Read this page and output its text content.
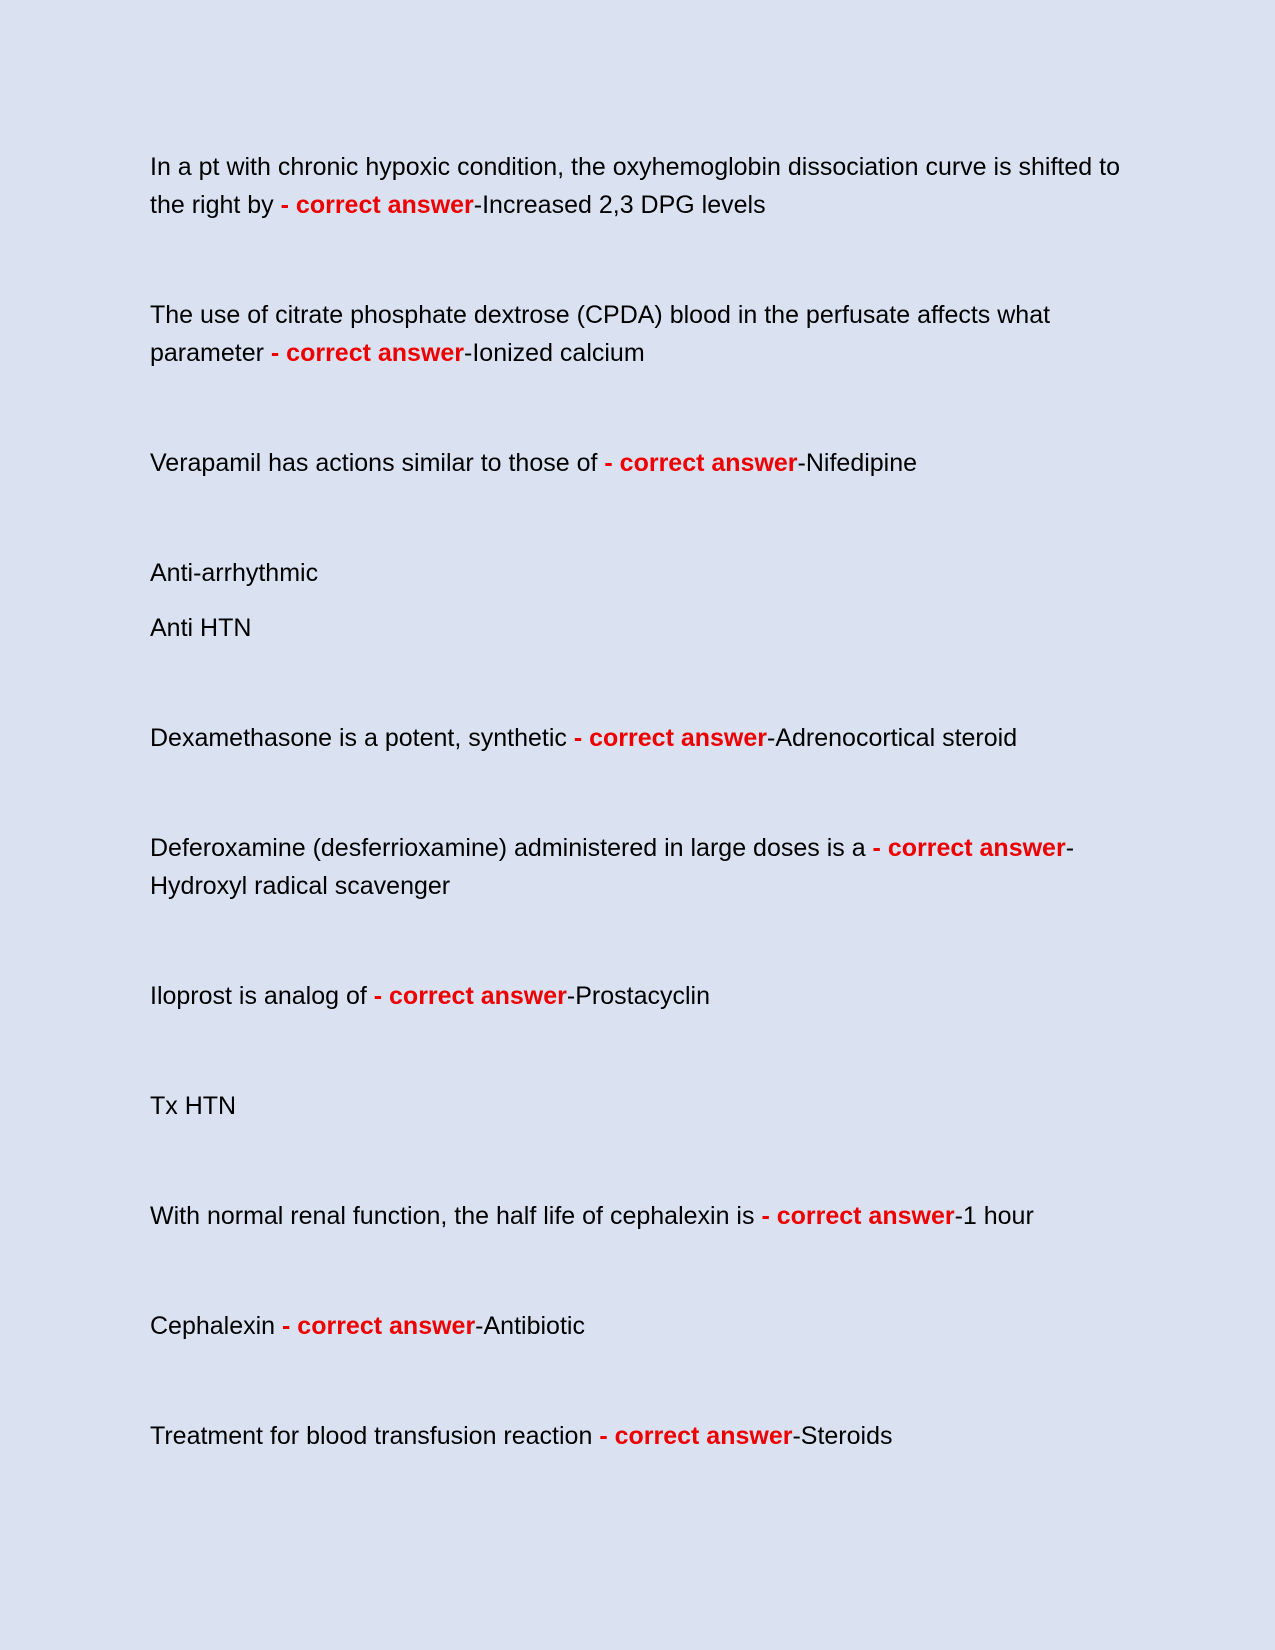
In a pt with chronic hypoxic condition, the oxyhemoglobin dissociation curve is shifted to the right by - correct answer-Increased 2,3 DPG levels

The use of citrate phosphate dextrose (CPDA) blood in the perfusate affects what parameter - correct answer-Ionized calcium

Verapamil has actions similar to those of - correct answer-Nifedipine

Anti-arrhythmic

Anti HTN

Dexamethasone is a potent, synthetic - correct answer-Adrenocortical steroid

Deferoxamine (desferrioxamine) administered in large doses is a - correct answer-Hydroxyl radical scavenger

Iloprost is analog of - correct answer-Prostacyclin

Tx HTN

With normal renal function, the half life of cephalexin is - correct answer-1 hour

Cephalexin - correct answer-Antibiotic

Treatment for blood transfusion reaction - correct answer-Steroids
